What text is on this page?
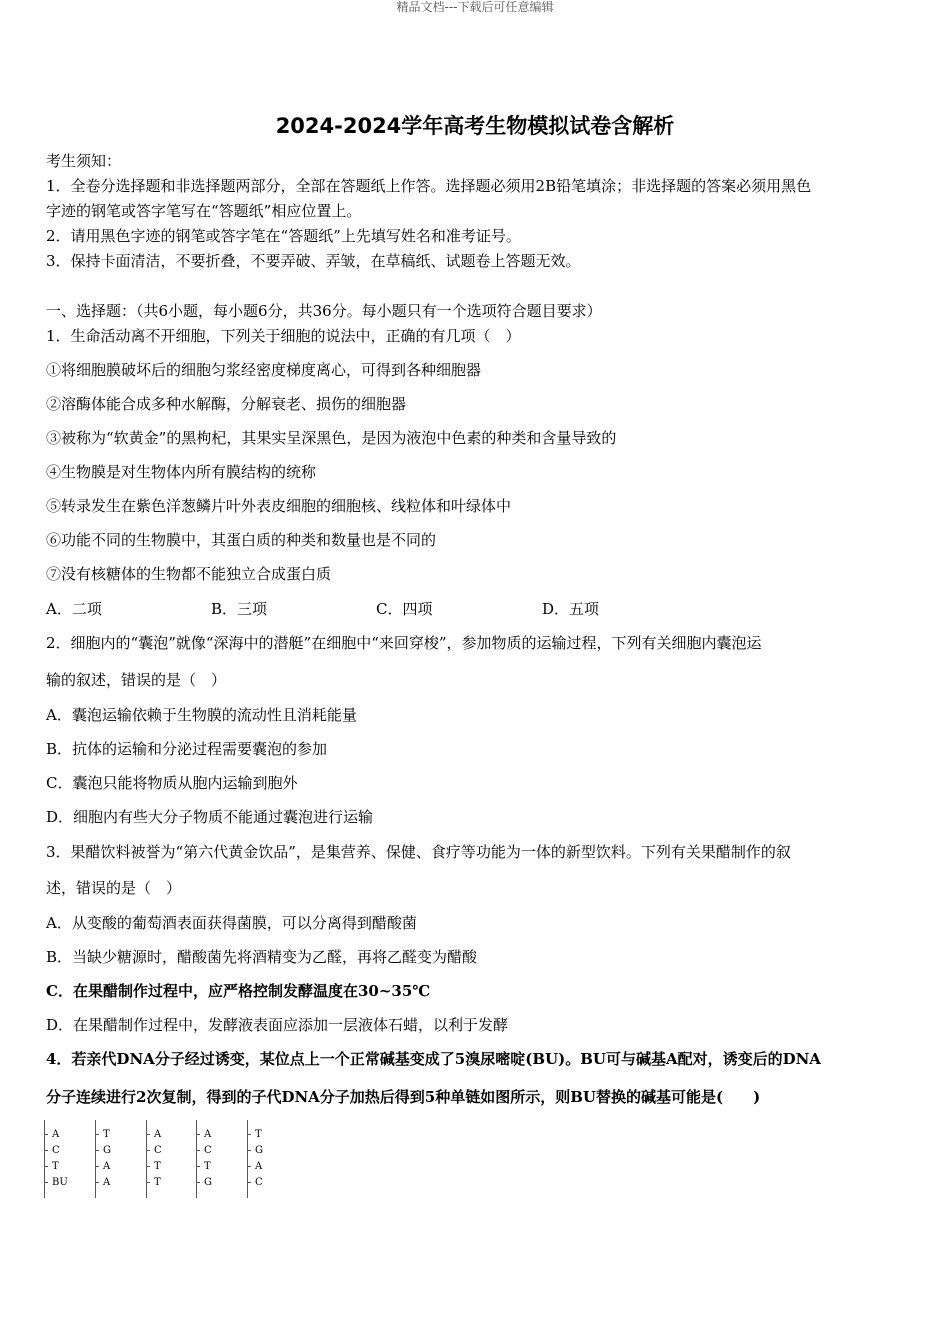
精品文档---下载后可任意编辑
2024-2024学年高考生物模拟试卷含解析
考生须知：
1．全卷分选择题和非选择题两部分，全部在答题纸上作答。选择题必须用2B铅笔填涂；非选择题的答案必须用黑色
字迹的钢笔或答字笔写在“答题纸”相应位置上。
2．请用黑色字迹的钢笔或答字笔在“答题纸”上先填写姓名和准考证号。
3．保持卡面清洁，不要折叠，不要弄破、弄皱，在草稿纸、试题卷上答题无效。
一、选择题：（共6小题，每小题6分，共36分。每小题只有一个选项符合题目要求）
1．生命活动离不开细胞，下列关于细胞的说法中，正确的有几项（　）
①将细胞膜破坏后的细胞匀浆经密度梯度离心，可得到各种细胞器
②溶酶体能合成多种水解酶，分解衰老、损伤的细胞器
③被称为“软黄金”的黑枸杞，其果实呈深黑色，是因为液泡中色素的种类和含量导致的
④生物膜是对生物体内所有膜结构的统称
⑤转录发生在紫色洋葱鳞片叶外表皮细胞的细胞核、线粒体和叶绿体中
⑥功能不同的生物膜中，其蛋白质的种类和数量也是不同的
⑦没有核糖体的生物都不能独立合成蛋白质
A．二项	B．三项	C．四项	D．五项
2．细胞内的“囊泡”就像“深海中的潜艇”在细胞中“来回穿梭”，参加物质的运输过程，下列有关细胞内囊泡运
输的叙述，错误的是（　）
A．囊泡运输依赖于生物膜的流动性且消耗能量
B．抗体的运输和分泌过程需要囊泡的参加
C．囊泡只能将物质从胞内运输到胞外
D．细胞内有些大分子物质不能通过囊泡进行运输
3．果醋饮料被誉为“第六代黄金饮品”，是集营养、保健、食疗等功能为一体的新型饮料。下列有关果醋制作的叙
述，错误的是（　）
A．从变酸的葡萄酒表面获得菌膜，可以分离得到醋酸菌
B．当缺少糖源时，醋酸菌先将酒精变为乙醛，再将乙醛变为醋酸
C．在果醋制作过程中，应严格控制发酵温度在30~35℃
D．在果醋制作过程中，发酵液表面应添加一层液体石蜡，以利于发酵
4．若亲代DNA分子经过诱变，某位点上一个正常碱基变成了5溴尿嘧啶(BU)。BU可与碱基A配对，诱变后的DNA
分子连续进行2次复制，得到的子代DNA分子加热后得到5种单链如图所示，则BU替换的碱基可能是(　　)
A
C
T
BU
T
G
A
A
A
C
T
T
A
C
T
G
T
G
A
C
